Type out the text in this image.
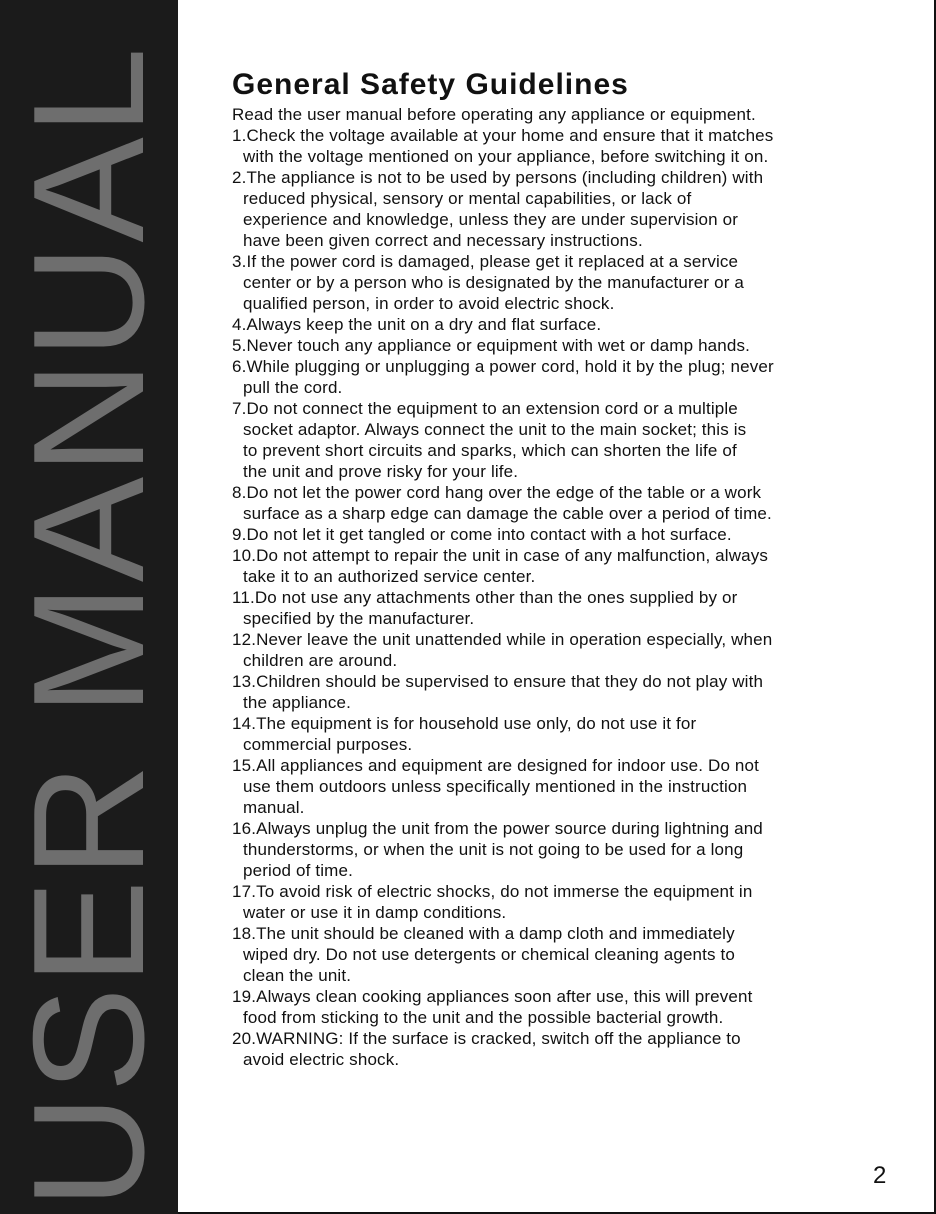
USER MANUAL General Safety Guidelines

Read the user manual before operating any appliance or equipment.

1.Check the voltage available at your home and ensure that it matches
with the voltage mentioned on your appliance, before switching it on.
2.The appliance is not to be used by persons (including children) with
reduced physical, sensory or mental capabilities, or lack of
experience and knowledge, unless they are under supervision or
have been given correct and necessary instructions.
3.If the power cord is damaged, please get it replaced at a service
center or by a person who is designated by the manufacturer or a
qualified person, in order to avoid electric shock.
4.Always keep the unit on a dry and flat surface.
5.Never touch any appliance or equipment with wet or damp hands.
6.While plugging or unplugging a power cord, hold it by the plug; never
pull the cord.
7.Do not connect the equipment to an extension cord or a multiple
socket adaptor. Always connect the unit to the main socket; this is
to prevent short circuits and sparks, which can shorten the life of
the unit and prove risky for your life.
8.Do not let the power cord hang over the edge of the table or a work
surface as a sharp edge can damage the cable over a period of time.
9.Do not let it get tangled or come into contact with a hot surface.
10.Do not attempt to repair the unit in case of any malfunction, always
take it to an authorized service center.
11.Do not use any attachments other than the ones supplied by or
specified by the manufacturer.
12.Never leave the unit unattended while in operation especially, when
children are around.
13.Children should be supervised to ensure that they do not play with
the appliance.
14.The equipment is for household use only, do not use it for
commercial purposes.
15.All appliances and equipment are designed for indoor use. Do not
use them outdoors unless specifically mentioned in the instruction
manual.
16.Always unplug the unit from the power source during lightning and
thunderstorms, or when the unit is not going to be used for a long
period of time.
17.To avoid risk of electric shocks, do not immerse the equipment in
water or use it in damp conditions.
18.The unit should be cleaned with a damp cloth and immediately
wiped dry. Do not use detergents or chemical cleaning agents to
clean the unit.
19.Always clean cooking appliances soon after use, this will prevent
food from sticking to the unit and the possible bacterial growth.
20.WARNING: If the surface is cracked, switch off the appliance to
avoid electric shock.
2
